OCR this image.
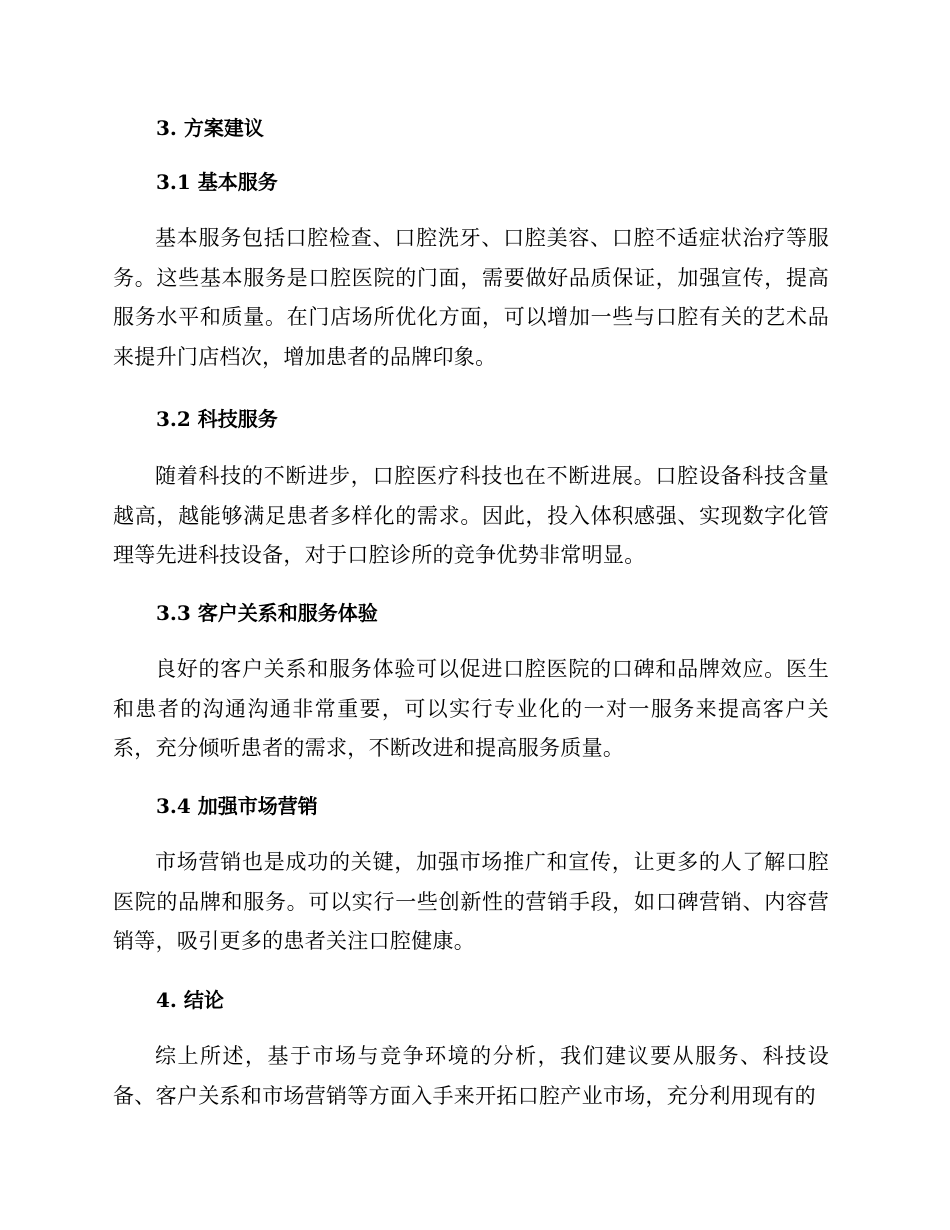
3. 方案建议
3.1 基本服务
基本服务包括口腔检查、口腔洗牙、口腔美容、口腔不适症状治疗等服务。这些基本服务是口腔医院的门面，需要做好品质保证，加强宣传，提高服务水平和质量。在门店场所优化方面，可以增加一些与口腔有关的艺术品来提升门店档次，增加患者的品牌印象。
3.2 科技服务
随着科技的不断进步，口腔医疗科技也在不断进展。口腔设备科技含量越高，越能够满足患者多样化的需求。因此，投入体积感强、实现数字化管理等先进科技设备，对于口腔诊所的竞争优势非常明显。
3.3 客户关系和服务体验
良好的客户关系和服务体验可以促进口腔医院的口碑和品牌效应。医生和患者的沟通沟通非常重要，可以实行专业化的一对一服务来提高客户关系，充分倾听患者的需求，不断改进和提高服务质量。
3.4 加强市场营销
市场营销也是成功的关键，加强市场推广和宣传，让更多的人了解口腔医院的品牌和服务。可以实行一些创新性的营销手段，如口碑营销、内容营销等，吸引更多的患者关注口腔健康。
4. 结论
综上所述，基于市场与竞争环境的分析，我们建议要从服务、科技设备、客户关系和市场营销等方面入手来开拓口腔产业市场，充分利用现有的
